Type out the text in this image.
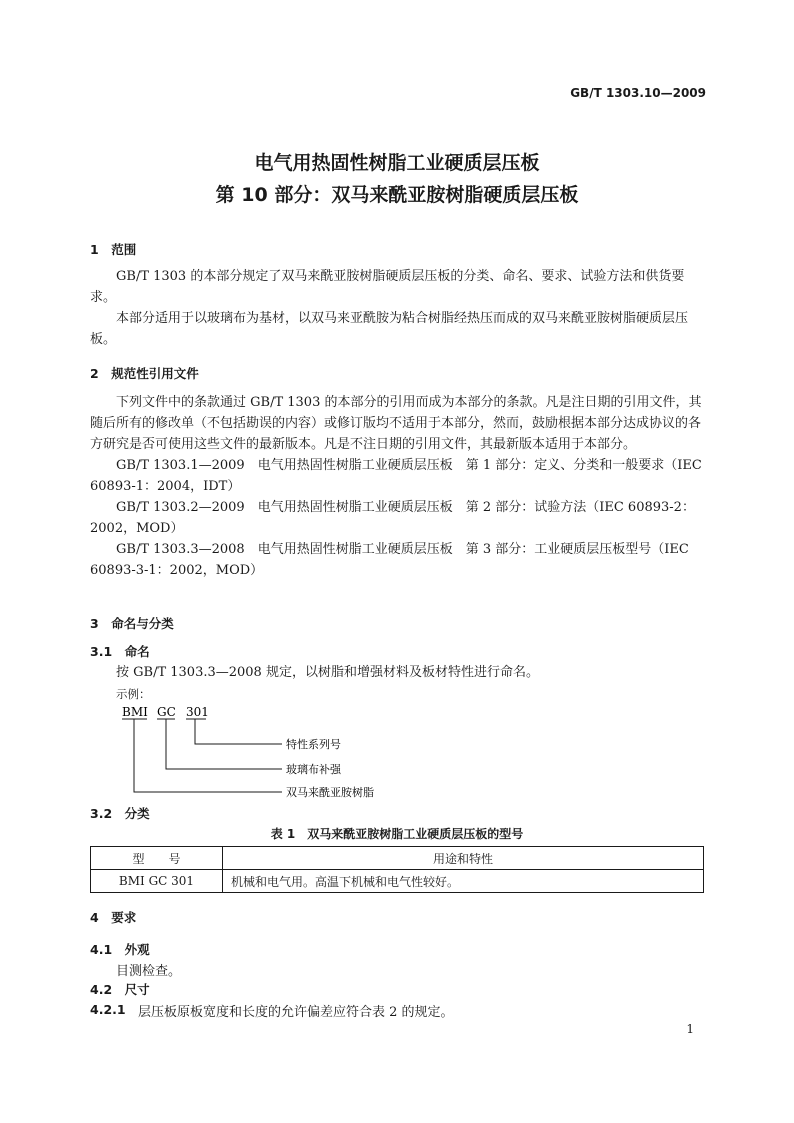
GB/T 1303.10—2009
电气用热固性树脂工业硬质层压板
第 10 部分：双马来酰亚胺树脂硬质层压板
1　范围

GB/T 1303 的本部分规定了双马来酰亚胺树脂硬质层压板的分类、命名、要求、试验方法和供货要求。

本部分适用于以玻璃布为基材，以双马来亚酰胺为粘合树脂经热压而成的双马来酰亚胺树脂硬质层压板。

2　规范性引用文件

下列文件中的条款通过 GB/T 1303 的本部分的引用而成为本部分的条款。凡是注日期的引用文件，其随后所有的修改单（不包括勘误的内容）或修订版均不适用于本部分，然而，鼓励根据本部分达成协议的各方研究是否可使用这些文件的最新版本。凡是不注日期的引用文件，其最新版本适用于本部分。

GB/T 1303.1—2009　电气用热固性树脂工业硬质层压板　第 1 部分：定义、分类和一般要求（IEC 60893-1：2004，IDT）

GB/T 1303.2—2009　电气用热固性树脂工业硬质层压板　第 2 部分：试验方法（IEC 60893-2：2002，MOD）

GB/T 1303.3—2008　电气用热固性树脂工业硬质层压板　第 3 部分：工业硬质层压板型号（IEC 60893-3-1：2002，MOD）

3　命名与分类
3.1　命名

按 GB/T 1303.3—2008 规定，以树脂和增强材料及板材特性进行命名。

示例：
BMI GC 301
特性系列号
玻璃布补强
双马来酰亚胺树脂
3.2　分类
表 1　双马来酰亚胺树脂工业硬质层压板的型号
型　　号	用途和特性
BMI GC 301	机械和电气用。高温下机械和电气性较好。
4　要求
4.1　外观
目测检查。
4.2　尺寸
4.2.1 层压板原板宽度和长度的允许偏差应符合表 2 的规定。
1
